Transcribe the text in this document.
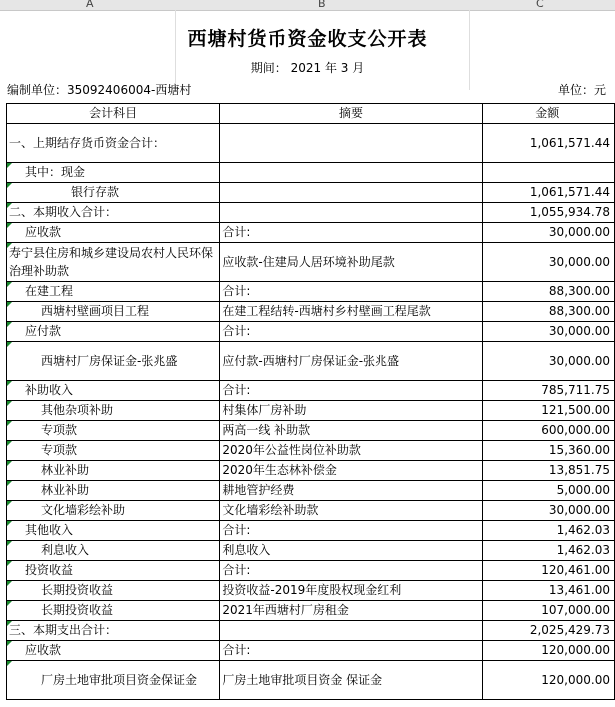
A	B	C
西塘村货币资金收支公开表
期间： 2021 年 3 月
编制单位：35092406004-西塘村	单位：元
会计科目	摘要	金额
一、上期结存货币资金合计：		1,061,571.44
其中：现金		
银行存款		1,061,571.44
二、本期收入合计：		1,055,934.78
应收款	合计:	30,000.00
寿宁县住房和城乡建设局农村人民环保治理补助款	应收款-住建局人居环境补助尾款	30,000.00
在建工程	合计:	88,300.00
西塘村壁画项目工程	在建工程结转-西塘村乡村壁画工程尾款	88,300.00
应付款	合计:	30,000.00
西塘村厂房保证金-张兆盛	应付款-西塘村厂房保证金-张兆盛	30,000.00
补助收入	合计:	785,711.75
其他杂项补助	村集体厂房补助	121,500.00
专项款	两高一线 补助款	600,000.00
专项款	2020年公益性岗位补助款	15,360.00
林业补助	2020年生态林补偿金	13,851.75
林业补助	耕地管护经费	5,000.00
文化墙彩绘补助	文化墙彩绘补助款	30,000.00
其他收入	合计:	1,462.03
利息收入	利息收入	1,462.03
投资收益	合计:	120,461.00
长期投资收益	投资收益-2019年度股权现金红利	13,461.00
长期投资收益	2021年西塘村厂房租金	107,000.00
三、本期支出合计：		2,025,429.73
应收款	合计:	120,000.00
厂房土地审批项目资金保证金	厂房土地审批项目资金 保证金	120,000.00
